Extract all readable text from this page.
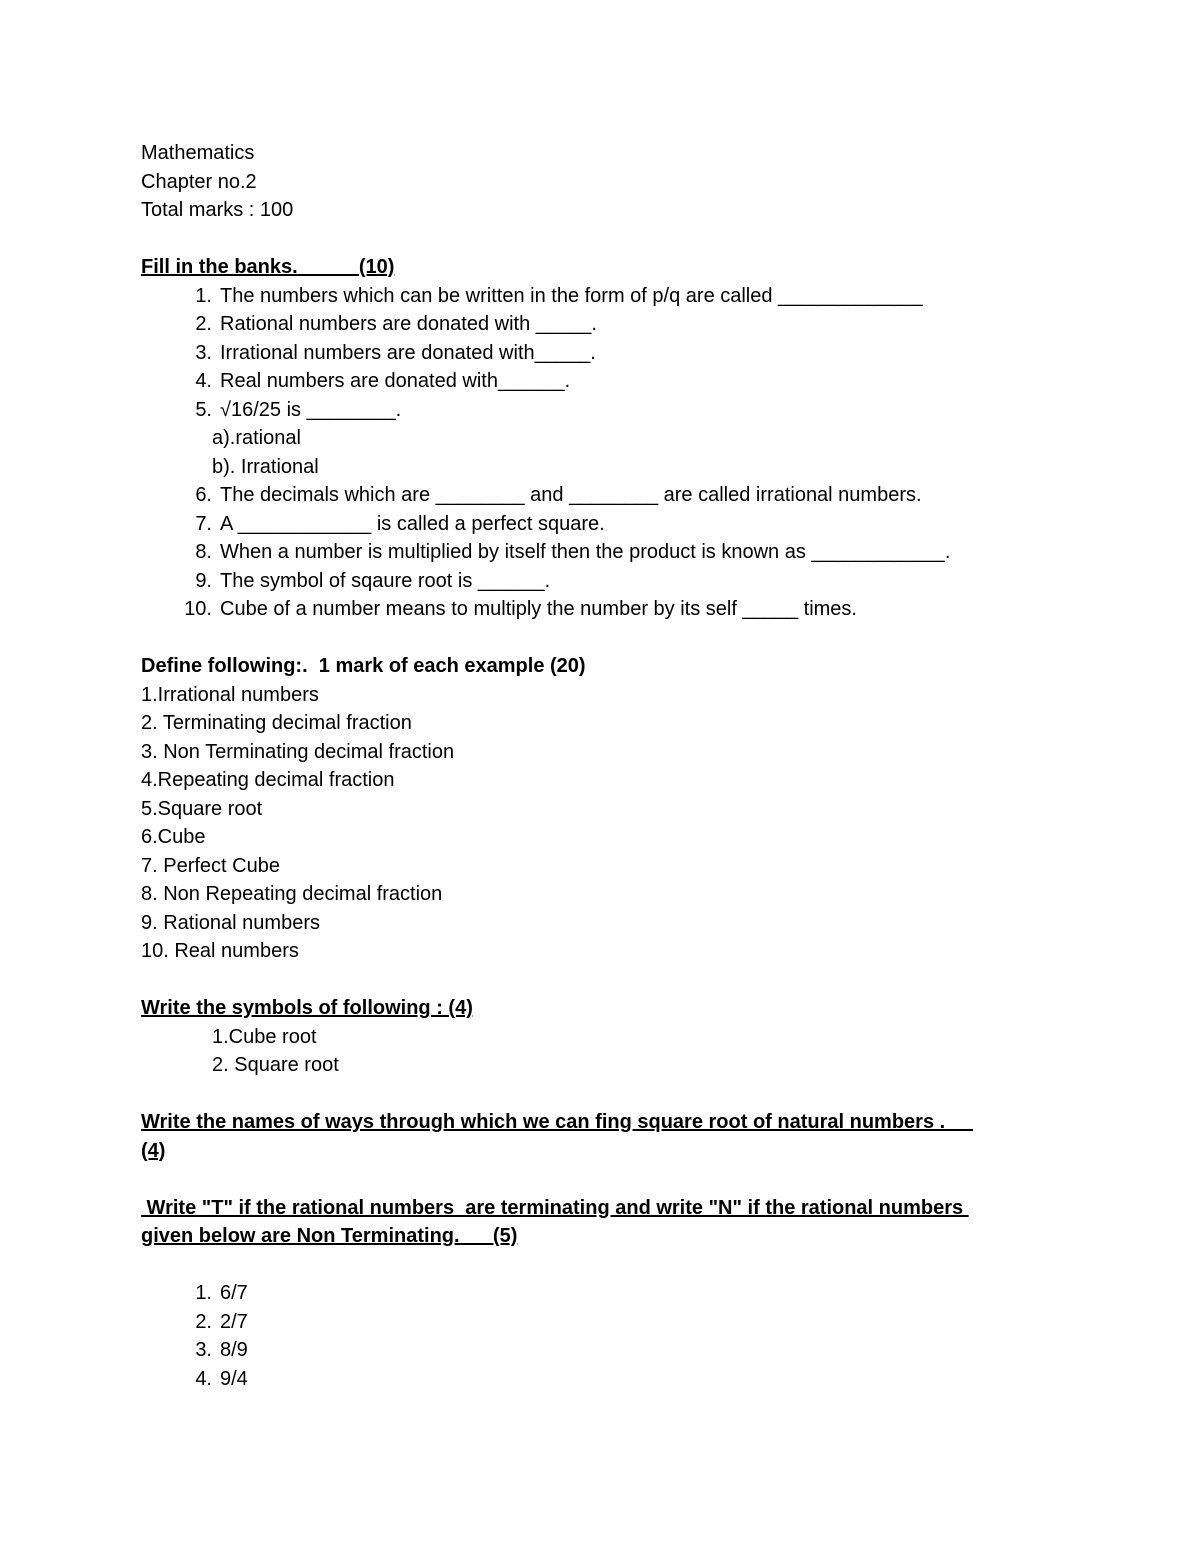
Mathematics
Chapter no.2
Total marks : 100
Fill in the banks.	(10)
1. The numbers which can be written in the form of p/q are called _____________
2. Rational numbers are donated with _____.
3. Irrational numbers are donated with_____.
4. Real numbers are donated with______.
5. √16/25 is ________.
a).rational
b). Irrational
6. The decimals which are ________ and ________ are called irrational numbers.
7. A ____________ is called a perfect square.
8. When a number is multiplied by itself then the product is known as ____________.
9. The symbol of sqaure root is ______.
10. Cube of a number means to multiply the number by its self _____ times.
Define following:.  1 mark of each example (20)
1.Irrational numbers
2. Terminating decimal fraction
3. Non Terminating decimal fraction
4.Repeating decimal fraction
5.Square root
6.Cube
7. Perfect Cube
8. Non Repeating decimal fraction
9. Rational numbers
10. Real numbers
Write the symbols of following : (4)
1.Cube root
2. Square root
Write the names of ways through which we can fing square root of natural numbers .
(4)
Write "T" if the rational numbers  are terminating and write "N" if the rational numbers
given below are Non Terminating.      (5)
1. 6/7
2. 2/7
3. 8/9
4. 9/4
